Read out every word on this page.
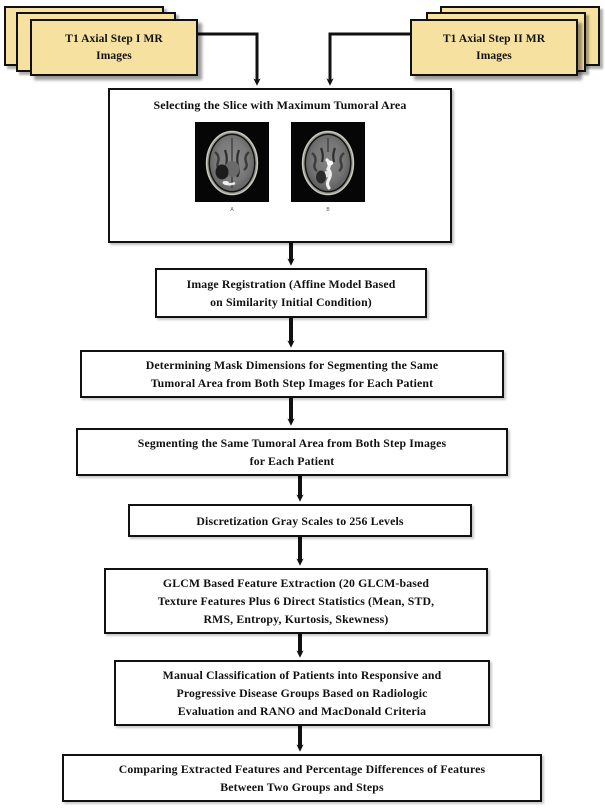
T1 Axial Step I MR
Images
T1 Axial Step II MR
Images
Selecting the Slice with Maximum Tumoral Area
A	B
Image Registration (Affine Model Based
on Similarity Initial Condition)
Determining Mask Dimensions for Segmenting the Same
Tumoral Area from Both Step Images for Each Patient
Segmenting the Same Tumoral Area from Both Step Images
for Each Patient
Discretization Gray Scales to 256 Levels
GLCM Based Feature Extraction (20 GLCM-based
Texture Features Plus 6 Direct Statistics (Mean, STD,
RMS, Entropy, Kurtosis, Skewness)
Manual Classification of Patients into Responsive and
Progressive Disease Groups Based on Radiologic
Evaluation and RANO and MacDonald Criteria
Comparing Extracted Features and Percentage Differences of Features
Between Two Groups and Steps
